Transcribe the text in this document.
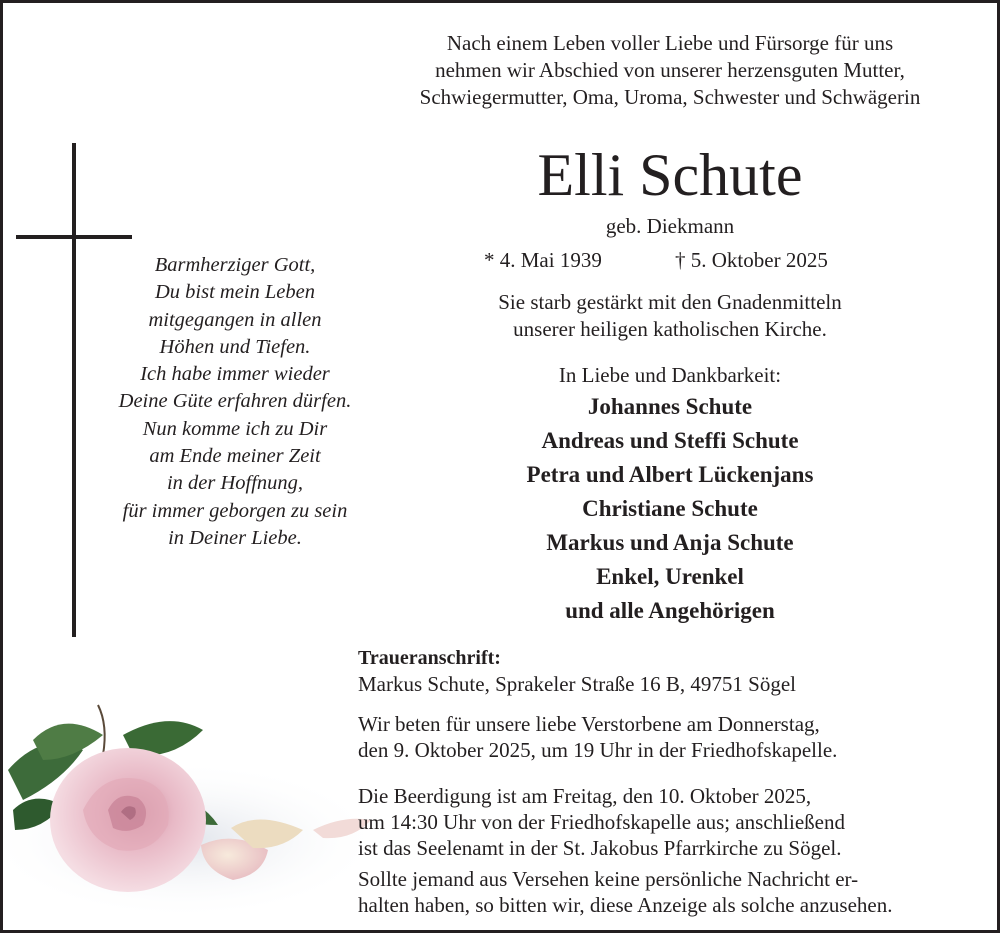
Nach einem Leben voller Liebe und Fürsorge für uns
nehmen wir Abschied von unserer herzensguten Mutter,
Schwiegermutter, Oma, Uroma, Schwester und Schwägerin
Elli Schute
geb. Diekmann
* 4. Mai 1939	† 5. Oktober 2025
Sie starb gestärkt mit den Gnadenmitteln
unserer heiligen katholischen Kirche.
In Liebe und Dankbarkeit:
Johannes Schute
Andreas und Steffi Schute
Petra und Albert Lückenjans
Christiane Schute
Markus und Anja Schute
Enkel, Urenkel
und alle Angehörigen
Barmherziger Gott,
Du bist mein Leben
mitgegangen in allen
Höhen und Tiefen.
Ich habe immer wieder
Deine Güte erfahren dürfen.
Nun komme ich zu Dir
am Ende meiner Zeit
in der Hoffnung,
für immer geborgen zu sein
in Deiner Liebe.
Traueranschrift:
Markus Schute, Sprakeler Straße 16 B, 49751 Sögel
Wir beten für unsere liebe Verstorbene am Donnerstag,
den 9. Oktober 2025, um 19 Uhr in der Friedhofskapelle.
Die Beerdigung ist am Freitag, den 10. Oktober 2025,
um 14:30 Uhr von der Friedhofskapelle aus; anschließend
ist das Seelenamt in der St. Jakobus Pfarrkirche zu Sögel.
Sollte jemand aus Versehen keine persönliche Nachricht er-
halten haben, so bitten wir, diese Anzeige als solche anzusehen.
